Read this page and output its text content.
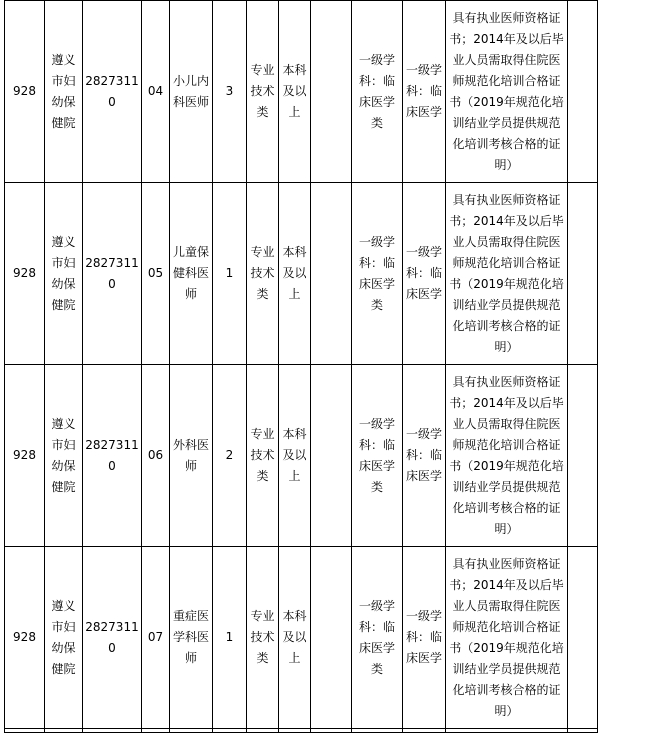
928	遵义市妇幼保健院	28273110	04	小儿内科医师	3	专业技术类	本科及以上		一级学科：临床医学类	一级学科：临床医学	具有执业医师资格证书；2014年及以后毕业人员需取得住院医师规范化培训合格证书（2019年规范化培训结业学员提供规范化培训考核合格的证明）	
928	遵义市妇幼保健院	28273110	05	儿童保健科医师	1	专业技术类	本科及以上		一级学科：临床医学类	一级学科：临床医学	具有执业医师资格证书；2014年及以后毕业人员需取得住院医师规范化培训合格证书（2019年规范化培训结业学员提供规范化培训考核合格的证明）	
928	遵义市妇幼保健院	28273110	06	外科医师	2	专业技术类	本科及以上		一级学科：临床医学类	一级学科：临床医学	具有执业医师资格证书；2014年及以后毕业人员需取得住院医师规范化培训合格证书（2019年规范化培训结业学员提供规范化培训考核合格的证明）	
928	遵义市妇幼保健院	28273110	07	重症医学科医师	1	专业技术类	本科及以上		一级学科：临床医学类	一级学科：临床医学	具有执业医师资格证书；2014年及以后毕业人员需取得住院医师规范化培训合格证书（2019年规范化培训结业学员提供规范化培训考核合格的证明）	
